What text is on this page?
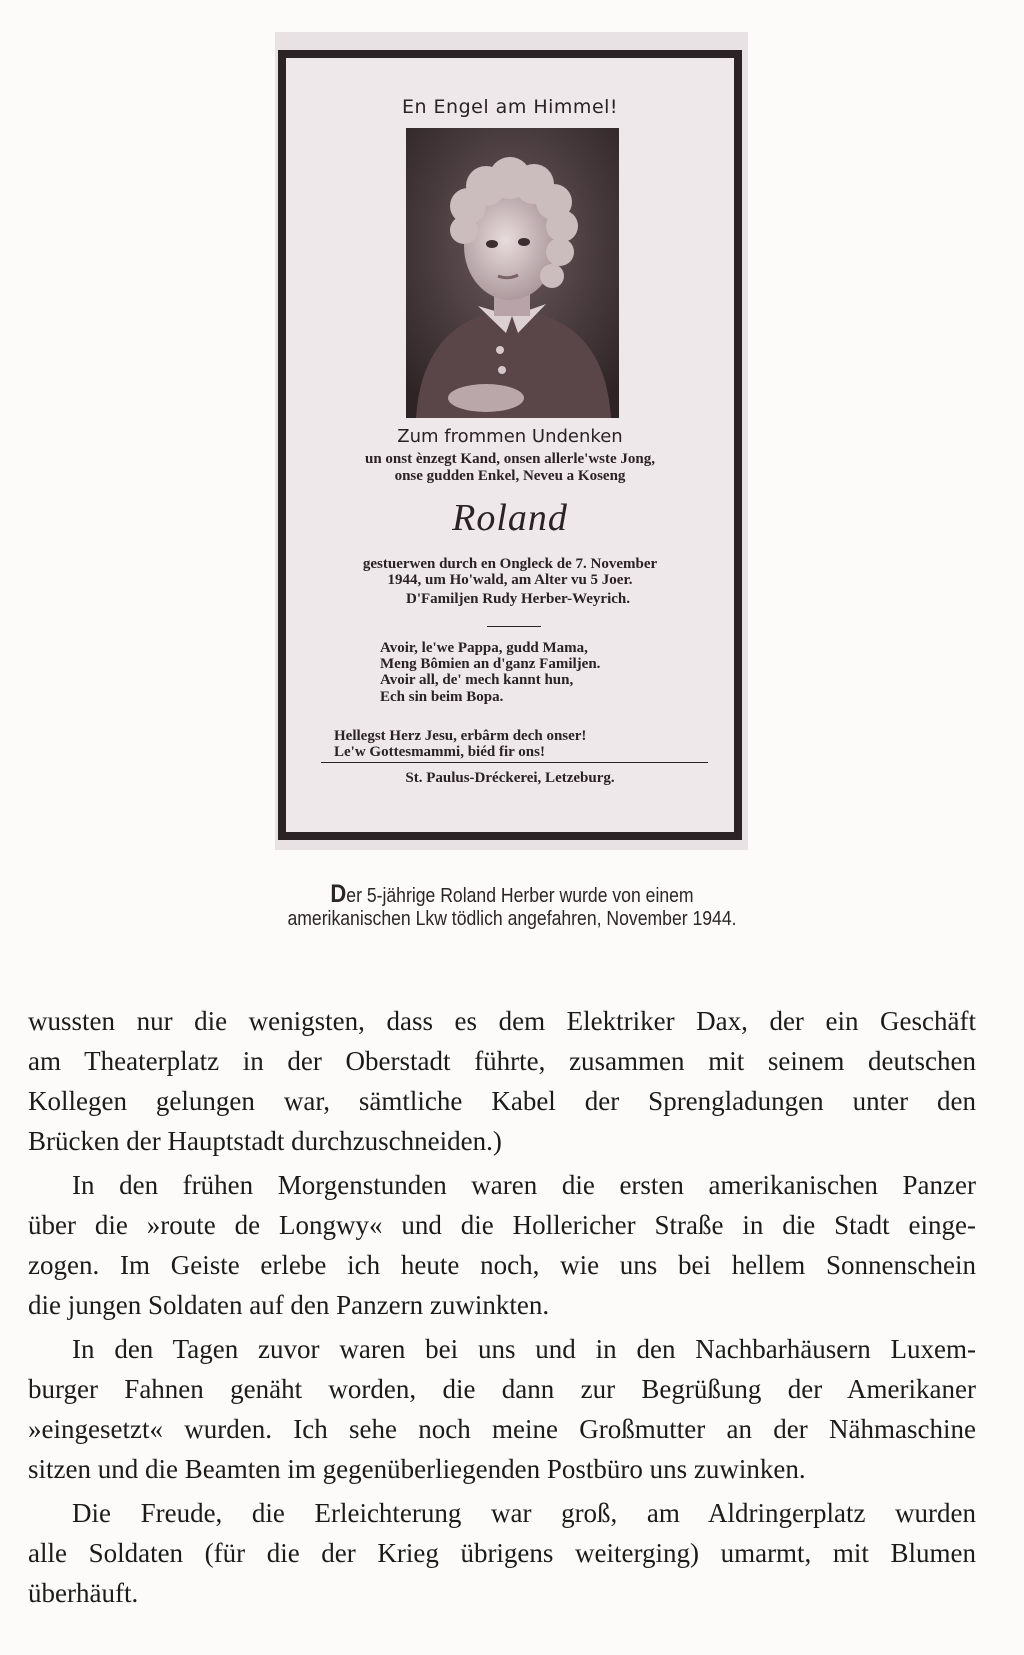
En Engel am Himmel!
Zum frommen Undenken
un onst ènzegt Kand, onsen allerle'wste Jong,
onse gudden Enkel, Neveu a Koseng
Roland
gestuerwen durch en Ongleck de 7. November
1944, um Ho'wald, am Alter vu 5 Joer.
D'Familjen Rudy Herber-Weyrich.
Avoir, le'we Pappa, gudd Mama,
Meng Bômien an d'ganz Familjen.
Avoir all, de' mech kannt hun,
Ech sin beim Bopa.
Hellegst Herz Jesu, erbârm dech onser!
Le'w Gottesmammi, biéd fir ons!
St. Paulus-Dréckerei, Letzeburg.
Der 5-jährige Roland Herber wurde von einem
amerikanischen Lkw tödlich angefahren, November 1944.
wussten nur die wenigsten, dass es dem Elektriker Dax, der ein Geschäft
am Theaterplatz in der Oberstadt führte, zusammen mit seinem deutschen
Kollegen gelungen war, sämtliche Kabel der Sprengladungen unter den
Brücken der Hauptstadt durchzuschneiden.)
In den frühen Morgenstunden waren die ersten amerikanischen Panzer
über die »route de Longwy« und die Hollericher Straße in die Stadt einge-
zogen. Im Geiste erlebe ich heute noch, wie uns bei hellem Sonnenschein
die jungen Soldaten auf den Panzern zuwinkten.
In den Tagen zuvor waren bei uns und in den Nachbarhäusern Luxem-
burger Fahnen genäht worden, die dann zur Begrüßung der Amerikaner
»eingesetzt« wurden. Ich sehe noch meine Großmutter an der Nähmaschine
sitzen und die Beamten im gegenüberliegenden Postbüro uns zuwinken.
Die Freude, die Erleichterung war groß, am Aldringerplatz wurden
alle Soldaten (für die der Krieg übrigens weiterging) umarmt, mit Blumen
überhäuft.
